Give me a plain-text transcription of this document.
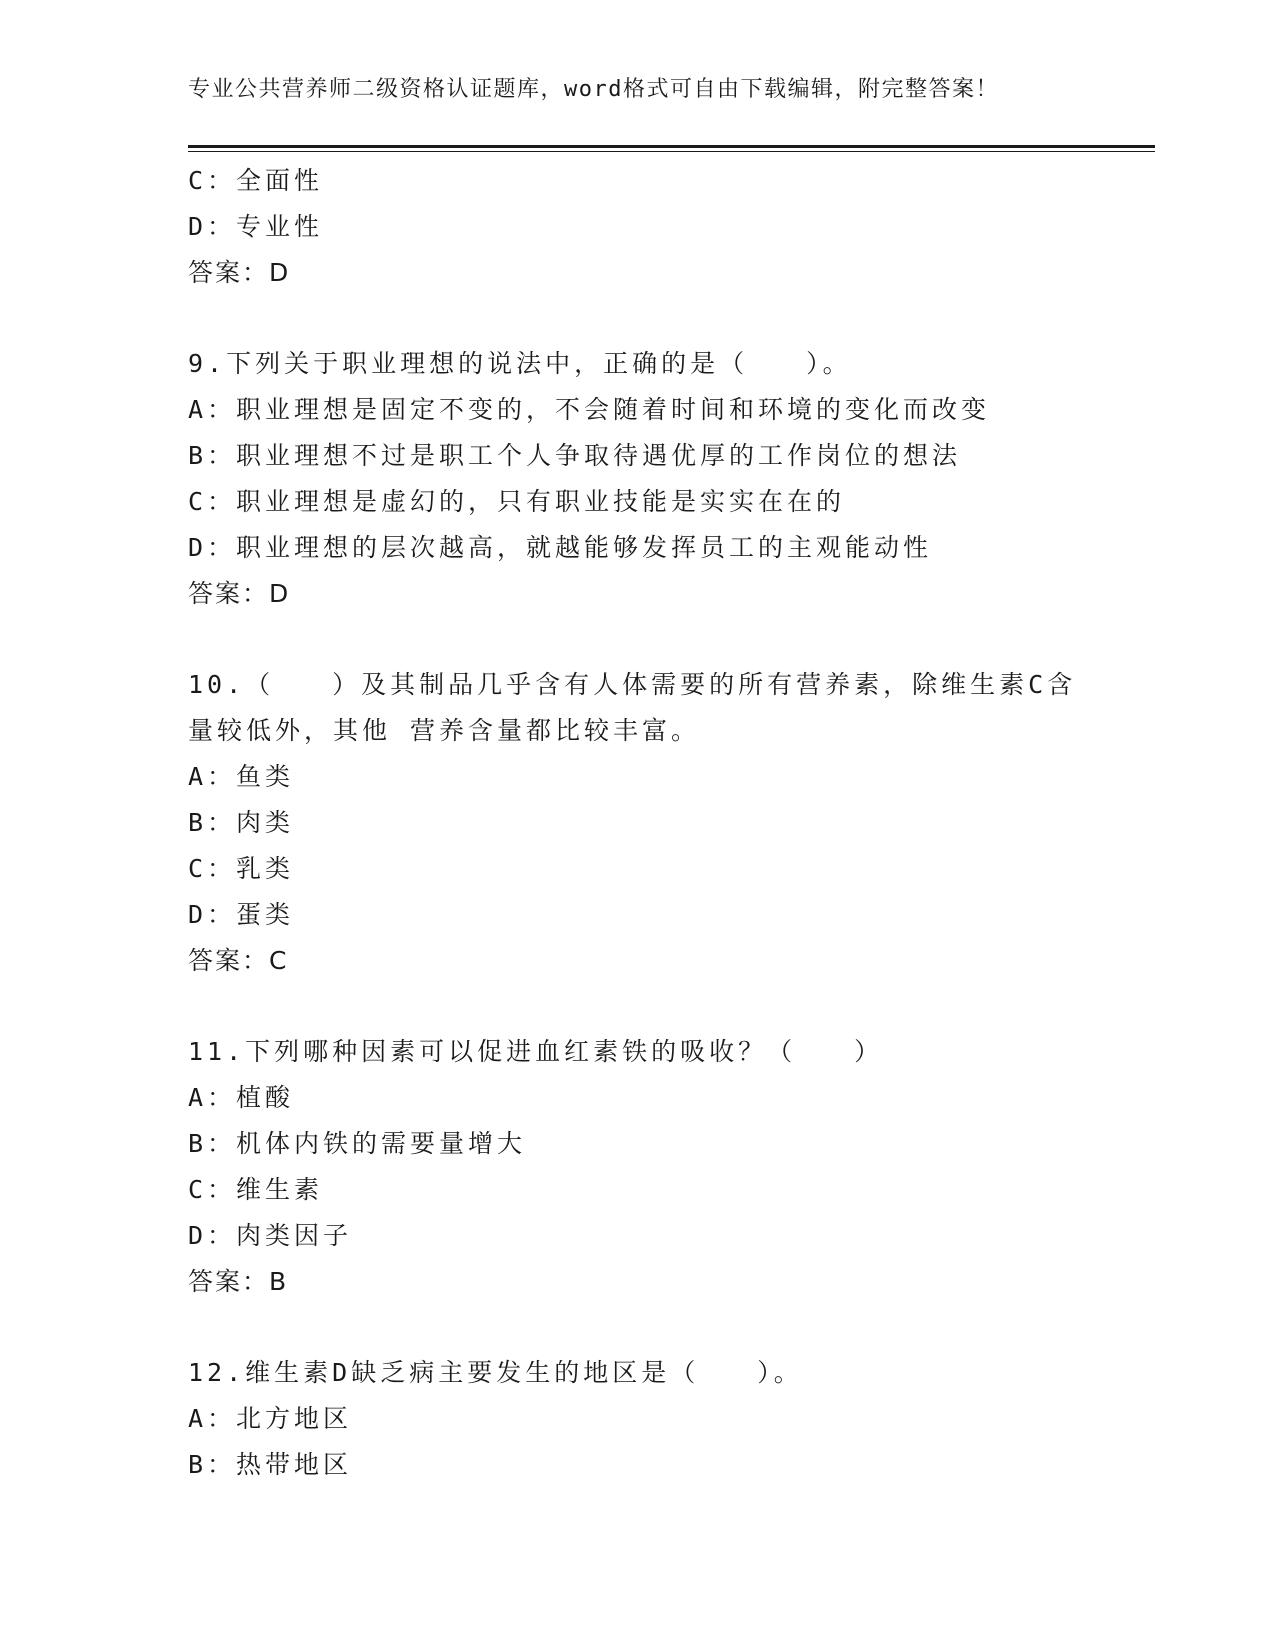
专业公共营养师二级资格认证题库，word格式可自由下载编辑，附完整答案！
C：全面性
D：专业性
答案：D
9.下列关于职业理想的说法中，正确的是（　　）。
A：职业理想是固定不变的，不会随着时间和环境的变化而改变
B：职业理想不过是职工个人争取待遇优厚的工作岗位的想法
C：职业理想是虚幻的，只有职业技能是实实在在的
D：职业理想的层次越高，就越能够发挥员工的主观能动性
答案：D
10.（　　）及其制品几乎含有人体需要的所有营养素，除维生素C含
量较低外，其他 营养含量都比较丰富。
A：鱼类
B：肉类
C：乳类
D：蛋类
答案：C
11.下列哪种因素可以促进血红素铁的吸收？（　　）
A：植酸
B：机体内铁的需要量增大
C：维生素
D：肉类因子
答案：B
12.维生素D缺乏病主要发生的地区是（　　）。
A：北方地区
B：热带地区
